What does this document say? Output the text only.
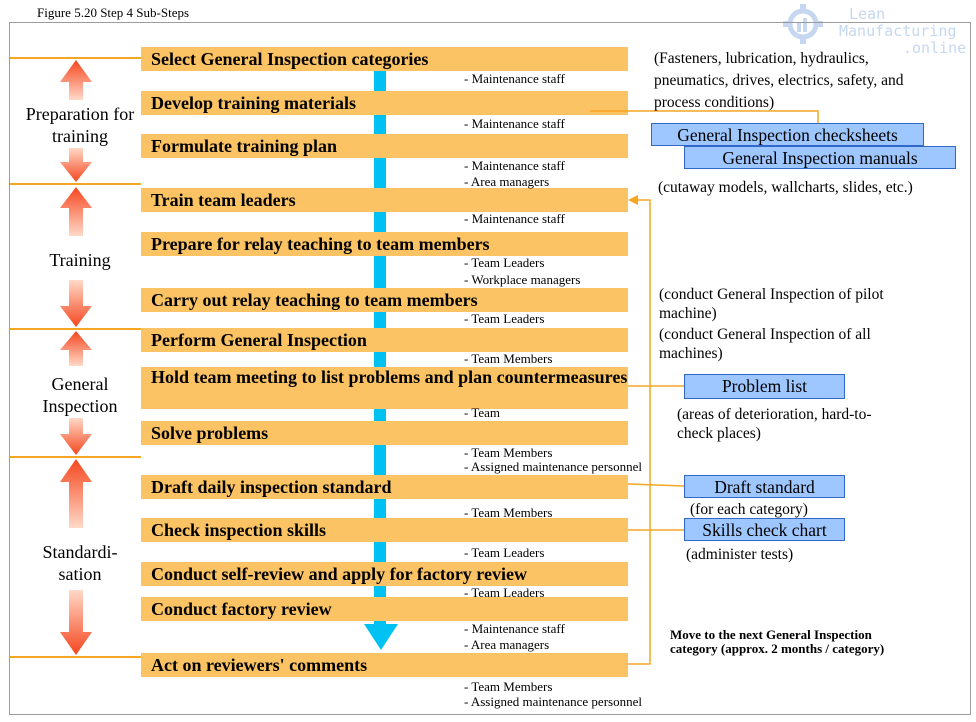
Figure 5.20 Step 4 Sub-Steps	Lean
Manufacturing
.online
Select General Inspection categories
Develop training materials
Formulate training plan
Train team leaders
Prepare for relay teaching to team members
Carry out relay teaching to team members
Perform General Inspection
Hold team meeting to list problems and plan countermeasures
Solve problems
Draft daily inspection standard
Check inspection skills
Conduct self-review and apply for factory review
Conduct factory review
Act on reviewers' comments
- Maintenance staff
- Maintenance staff
- Maintenance staff
- Area managers
- Maintenance staff
- Team Leaders
- Workplace managers
- Team Leaders
- Team Members
- Team
- Team Members
- Assigned maintenance personnel
- Team Members
- Team Leaders
- Team Leaders
- Maintenance staff
- Area managers
- Team Members
- Assigned maintenance personnel
Preparation for training
Training
General Inspection
Standardi-sation
(Fasteners, lubrication, hydraulics,
pneumatics, drives, electrics, safety, and
process conditions)
General Inspection checksheets
General Inspection manuals
(cutaway models, wallcharts, slides, etc.)
(conduct General Inspection of pilot
machine)
(conduct General Inspection of all
machines)
Problem list
(areas of deterioration, hard-to-
check places)
Draft standard
(for each category)
Skills check chart
(administer tests)
Move to the next General Inspection
category (approx. 2 months / category)
